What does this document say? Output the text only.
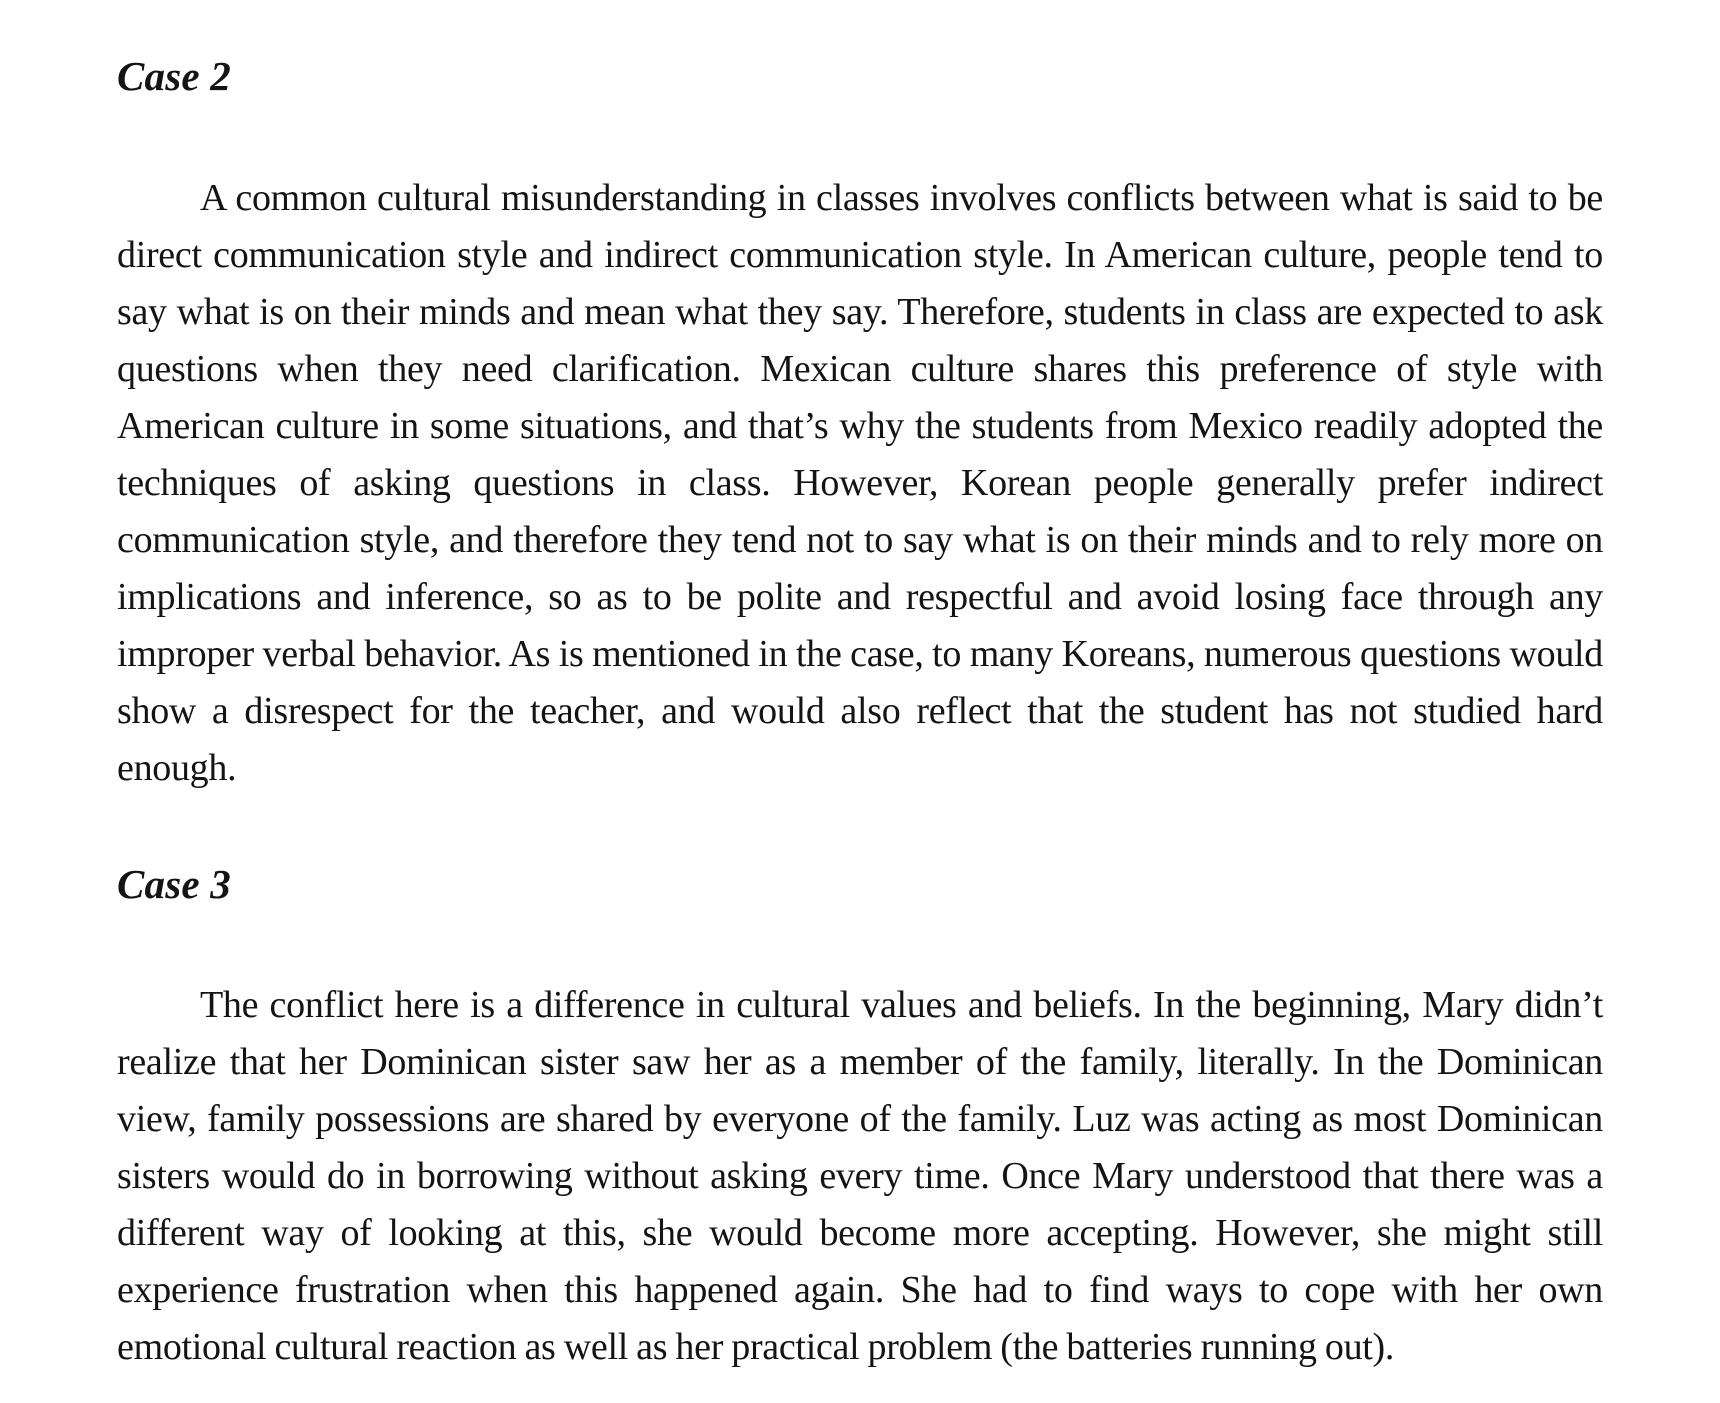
Case 2

A common cultural misunderstanding in classes involves conflicts between what is said to be direct communication style and indirect communication style. In American culture, people tend to say what is on their minds and mean what they say. Therefore, students in class are expected to ask questions when they need clarification. Mexican culture shares this preference of style with American culture in some situations, and that’s why the students from Mexico readily adopted the techniques of asking questions in class. However, Korean people generally prefer indirect communication style, and therefore they tend not to say what is on their minds and to rely more on implications and inference, so as to be polite and respectful and avoid losing face through any improper verbal behavior. As is mentioned in the case, to many Koreans, numerous questions would show a disrespect for the teacher, and would also reflect that the student has not studied hard enough.

Case 3

The conflict here is a difference in cultural values and beliefs. In the beginning, Mary didn’t realize that her Dominican sister saw her as a member of the family, literally. In the Dominican view, family possessions are shared by everyone of the family. Luz was acting as most Dominican sisters would do in borrowing without asking every time. Once Mary understood that there was a different way of looking at this, she would become more accepting. However, she might still experience frustration when this happened again. She had to find ways to cope with her own emotional cultural reaction as well as her practical problem (the batteries running out).
